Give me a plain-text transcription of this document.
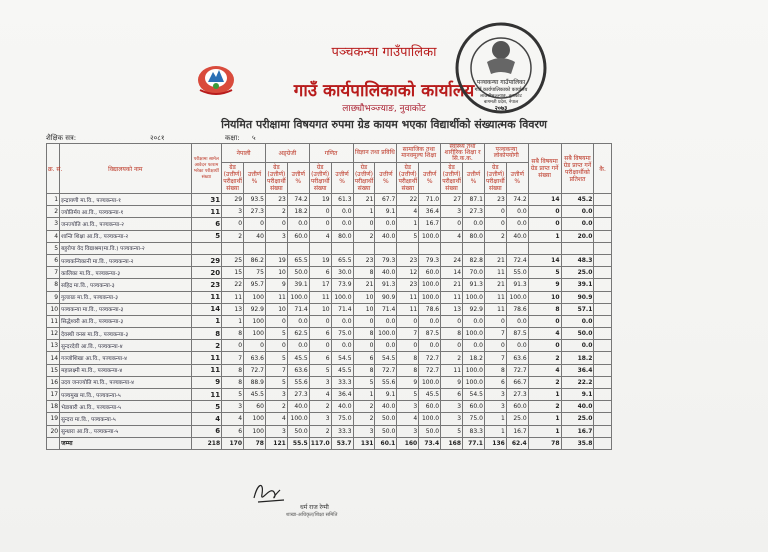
पञ्चकन्या गाउँपालिका
गाउँ कार्यपालिकाको कार्यालय
लाछ्यौभञ्ज्याङ, नुवाकोट
पञ्चकन्या गाउँपालिका
गाउँ कार्यपालिकाको कार्यालय
लाछ्यौभञ्ज्याङ, नुवाकोट
बागमती प्रदेश, नेपाल
२०७३
नियमित परीक्षामा विषयगत रुपमा ग्रेड कायम भएका विद्यार्थीको संख्यात्मक विवरण
शैक्षिक सत्र:	२०८१	कक्षा: ५
क्र. सं.	विद्यालयको नाम	परीक्षामा सामेल आवेदन फाराम भरेका परीक्षार्थी संख्या	नेपाली		अङ्ग्रेजी		गणित		विज्ञान तथा प्रविधि		सामाजिक तथा मानवमूल्य शिक्षा		स्वास्थ्य तथा शारीरिक शिक्षा र सि.क.क.		पञ्चकन्या लोकोपयोगी		सबै विषयमा ग्रेड प्राप्त गर्ने संख्या	सबै विषयमा ग्रेड प्राप्त गर्ने परीक्षार्थीको प्रतिशत	कै.
			ग्रेड (उत्तीर्ण) परीक्षार्थी संख्या	उत्तीर्ण %	ग्रेड (उत्तीर्ण) परीक्षार्थी संख्या	उत्तीर्ण %	ग्रेड (उत्तीर्ण) परीक्षार्थी संख्या	उत्तीर्ण %	ग्रेड (उत्तीर्ण) परीक्षार्थी संख्या	उत्तीर्ण %	ग्रेड (उत्तीर्ण) परीक्षार्थी संख्या	उत्तीर्ण %	ग्रेड (उत्तीर्ण) परीक्षार्थी संख्या	उत्तीर्ण %	ग्रेड (उत्तीर्ण) परीक्षार्थी संख्या	उत्तीर्ण %			
1	इन्द्रायणी मा.वि., पञ्चकन्या-१	31	29	93.5	23	74.2	19	61.3	21	67.7	22	71.0	27	87.1	23	74.2	14	45.2	
2	ज्योतिर्मय आ.वि., पञ्चकन्या-१	11	3	27.3	2	18.2	0	0.0	1	9.1	4	36.4	3	27.3	0	0.0	0	0.0	
3	जनज्योति आ.वि., पञ्चकन्या-२	6	0	0	0	0.0	0	0.0	0	0.0	1	16.7	0	0.0	0	0.0	0	0.0	
4	शान्ति शिक्षा आ.वि., पञ्चकन्या-२	5	2	40	3	60.0	4	80.0	2	40.0	5	100.0	4	80.0	2	40.0	1	20.0	
5	बहुरोपा वेद विद्याश्रम(मा.वि.) पञ्चकन्या-२																		
6	पञ्चकन्यिकानी मा.वि., पञ्चकन्या-२	29	25	86.2	19	65.5	19	65.5	23	79.3	23	79.3	24	82.8	21	72.4	14	48.3	
7	कालिका मा.वि., पञ्चकन्या-३	20	15	75	10	50.0	6	30.0	8	40.0	12	60.0	14	70.0	11	55.0	5	25.0	
8	सहिद्र मा.वि., पञ्चकन्या-३	23	22	95.7	9	39.1	17	73.9	21	91.3	23	100.0	21	91.3	21	91.3	9	39.1	
9	गुल्ङाङ मा.वि., पञ्चकन्या-३	11	11	100	11	100.0	11	100.0	10	90.9	11	100.0	11	100.0	11	100.0	10	90.9	
10	पञ्चकन्या मा.वि., पञ्चकन्या-३	14	13	92.9	10	71.4	10	71.4	10	71.4	11	78.6	13	92.9	11	78.6	8	57.1	
11	सिद्धेश्वरी आ.वि., पञ्चकन्या-३	1	1	100	0	0.0	0	0.0	0	0.0	0	0.0	0	0.0	0	0.0	0	0.0	
12	देवस्थी वनस मा.वि., पञ्चकन्या-३	8	8	100	5	62.5	6	75.0	8	100.0	7	87.5	8	100.0	7	87.5	4	50.0	
13	सुन्दरदेवी आ.वि., पञ्चकन्या-४	2	0	0	0	0.0	0	0.0	0	0.0	0	0.0	0	0.0	0	0.0	0	0.0	
14	गञ्जोशिखा आ.वि., पञ्चकन्या-४	11	7	63.6	5	45.5	6	54.5	6	54.5	8	72.7	2	18.2	7	63.6	2	18.2	
15	महालक्ष्मी मा.वि., पञ्चकन्या-४	11	8	72.7	7	63.6	5	45.5	8	72.7	8	72.7	11	100.0	8	72.7	4	36.4	
16	उदय जनज्योति मा.वि., पञ्चकन्या-४	9	8	88.9	5	55.6	3	33.3	5	55.6	9	100.0	9	100.0	6	66.7	2	22.2	
17	पञ्चमुख मा.वि., पञ्चकन्या-५	11	5	45.5	3	27.3	4	36.4	1	9.1	5	45.5	6	54.5	3	27.3	1	9.1	
18	भेडाबारी आ.वि., पञ्चकन्या-५	5	3	60	2	40.0	2	40.0	2	40.0	3	60.0	3	60.0	3	60.0	2	40.0	
19	सुन्दरा मा.वि., पञ्चकन्या-५	4	4	100	4	100.0	3	75.0	2	50.0	4	100.0	3	75.0	1	25.0	1	25.0	
20	सुन्धारा आ.वि., पञ्चकन्या-५	6	6	100	3	50.0	2	33.3	3	50.0	3	50.0	5	83.3	1	16.7	1	16.7	
	जम्मा	218	170	78	121	55.5	117.0	53.7	131	60.1	160	73.4	168	77.1	136	62.4	78	35.8	
धर्म राज रेग्मी
शाखा-अधिकृत/शिक्षा समिति
